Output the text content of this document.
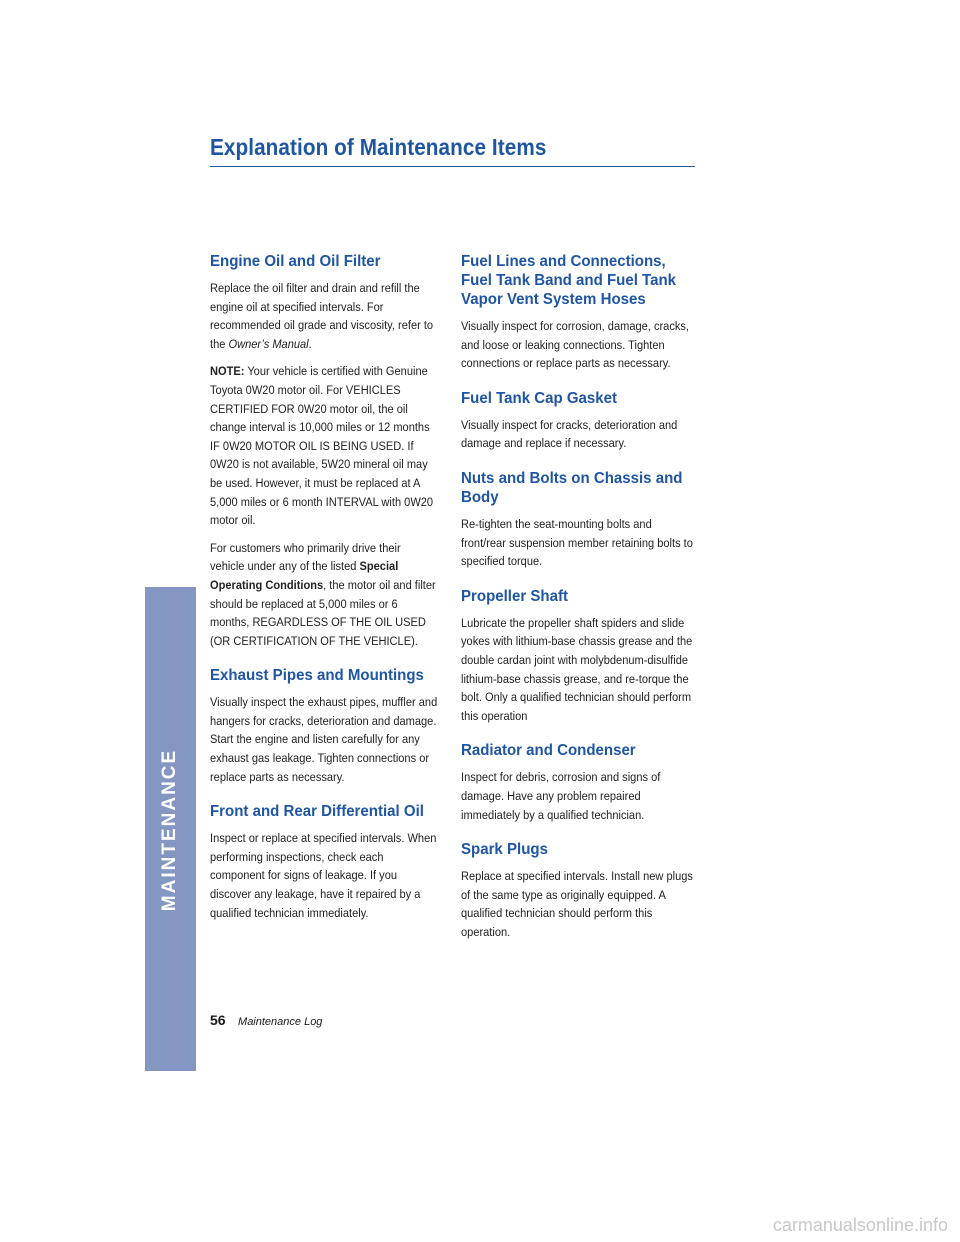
Explanation of Maintenance Items
MAINTENANCE
Engine Oil and Oil Filter

Replace the oil filter and drain and refill the engine oil at specified intervals. For recommended oil grade and viscosity, refer to the Owner’s Manual.

NOTE: Your vehicle is certified with Genuine Toyota 0W20 motor oil. For VEHICLES CERTIFIED FOR 0W20 motor oil, the oil change interval is 10,000 miles or 12 months IF 0W20 MOTOR OIL IS BEING USED. If 0W20 is not available, 5W20 mineral oil may be used. However, it must be replaced at A 5,000 miles or 6 month INTERVAL with 0W20 motor oil.

For customers who primarily drive their vehicle under any of the listed Special Operating Conditions, the motor oil and filter should be replaced at 5,000 miles or 6 months, REGARDLESS OF THE OIL USED (OR CERTIFICATION OF THE VEHICLE).

Exhaust Pipes and Mountings

Visually inspect the exhaust pipes, muffler and hangers for cracks, deterioration and damage. Start the engine and listen carefully for any exhaust gas leakage. Tighten connections or replace parts as necessary.

Front and Rear Differential Oil

Inspect or replace at specified intervals. When performing inspections, check each component for signs of leakage. If you discover any leakage, have it repaired by a qualified technician immediately.

Fuel Lines and Connections, Fuel Tank Band and Fuel Tank Vapor Vent System Hoses

Visually inspect for corrosion, damage, cracks, and loose or leaking connections. Tighten connections or replace parts as necessary.

Fuel Tank Cap Gasket

Visually inspect for cracks, deterioration and damage and replace if necessary.

Nuts and Bolts on Chassis and Body

Re-tighten the seat-mounting bolts and front/rear suspension member retaining bolts to specified torque.

Propeller Shaft

Lubricate the propeller shaft spiders and slide yokes with lithium-base chassis grease and the double cardan joint with molybdenum-disulfide lithium-base chassis grease, and re-torque the bolt. Only a qualified technician should perform this operation

Radiator and Condenser

Inspect for debris, corrosion and signs of damage. Have any problem repaired immediately by a qualified technician.

Spark Plugs

Replace at specified intervals. Install new plugs of the same type as originally equipped. A qualified technician should perform this operation.

56 Maintenance Log
carmanualsonline.info
